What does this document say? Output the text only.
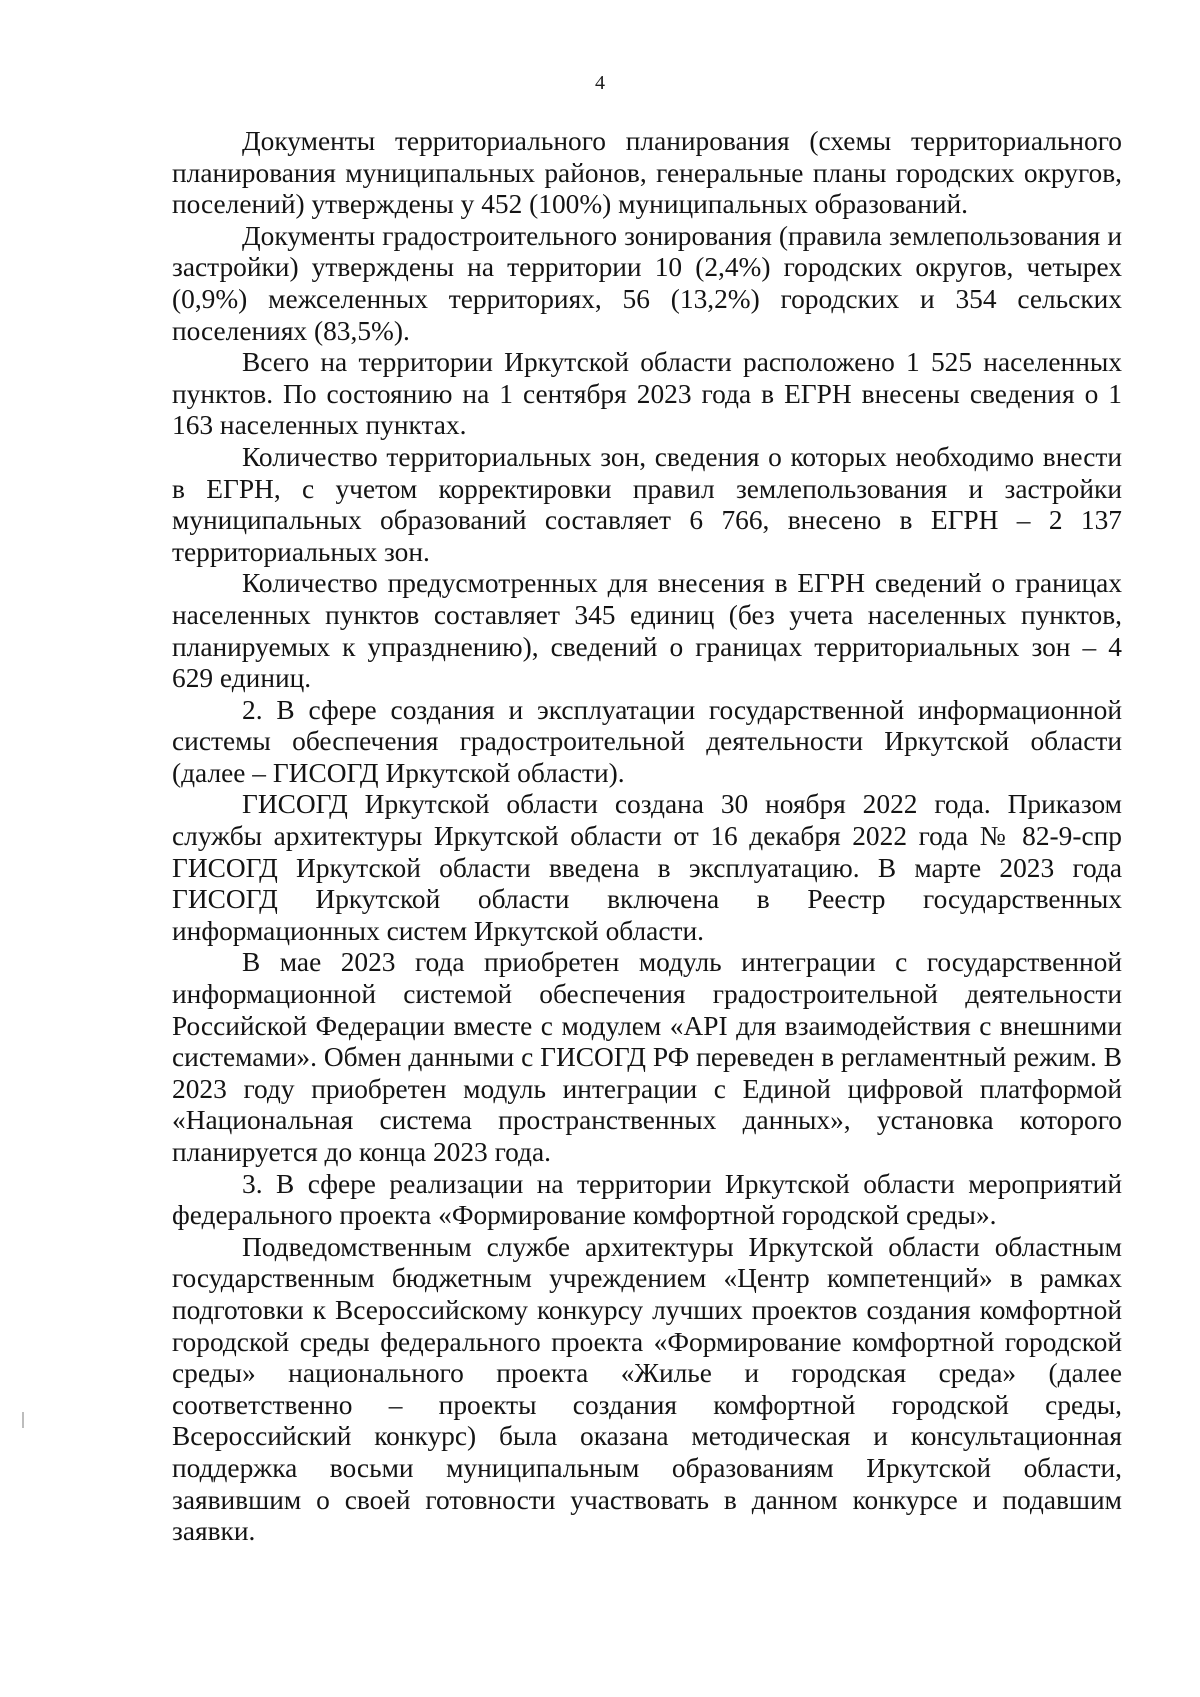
4

Документы территориального планирования (схемы территориального планирования муниципальных районов, генеральные планы городских округов, поселений) утверждены у 452 (100%) муниципальных образований.

Документы градостроительного зонирования (правила землепользования и застройки) утверждены на территории 10 (2,4%) городских округов, четырех (0,9%) межселенных территориях, 56 (13,2%) городских и 354 сельских поселениях (83,5%).

Всего на территории Иркутской области расположено 1 525 населенных пунктов. По состоянию на 1 сентября 2023 года в ЕГРН внесены сведения о 1 163 населенных пунктах.

Количество территориальных зон, сведения о которых необходимо внести в ЕГРН, с учетом корректировки правил землепользования и застройки муниципальных образований составляет 6 766, внесено в ЕГРН – 2 137 территориальных зон.

Количество предусмотренных для внесения в ЕГРН сведений о границах населенных пунктов составляет 345 единиц (без учета населенных пунктов, планируемых к упразднению), сведений о границах территориальных зон – 4 629 единиц.

2. В сфере создания и эксплуатации государственной информационной системы обеспечения градостроительной деятельности Иркутской области (далее – ГИСОГД Иркутской области).

ГИСОГД Иркутской области создана 30 ноября 2022 года. Приказом службы архитектуры Иркутской области от 16 декабря 2022 года № 82-9-спр ГИСОГД Иркутской области введена в эксплуатацию. В марте 2023 года ГИСОГД Иркутской области включена в Реестр государственных информационных систем Иркутской области.

В мае 2023 года приобретен модуль интеграции с государственной информационной системой обеспечения градостроительной деятельности Российской Федерации вместе с модулем «API для взаимодействия с внешними системами». Обмен данными с ГИСОГД РФ переведен в регламентный режим. В 2023 году приобретен модуль интеграции с Единой цифровой платформой «Национальная система пространственных данных», установка которого планируется до конца 2023 года.

3. В сфере реализации на территории Иркутской области мероприятий федерального проекта «Формирование комфортной городской среды».

Подведомственным службе архитектуры Иркутской области областным государственным бюджетным учреждением «Центр компетенций» в рамках подготовки к Всероссийскому конкурсу лучших проектов создания комфортной городской среды федерального проекта «Формирование комфортной городской среды» национального проекта «Жилье и городская среда» (далее соответственно – проекты создания комфортной городской среды, Всероссийский конкурс) была оказана методическая и консультационная поддержка восьми муниципальным образованиям Иркутской области, заявившим о своей готовности участвовать в данном конкурсе и подавшим заявки.
